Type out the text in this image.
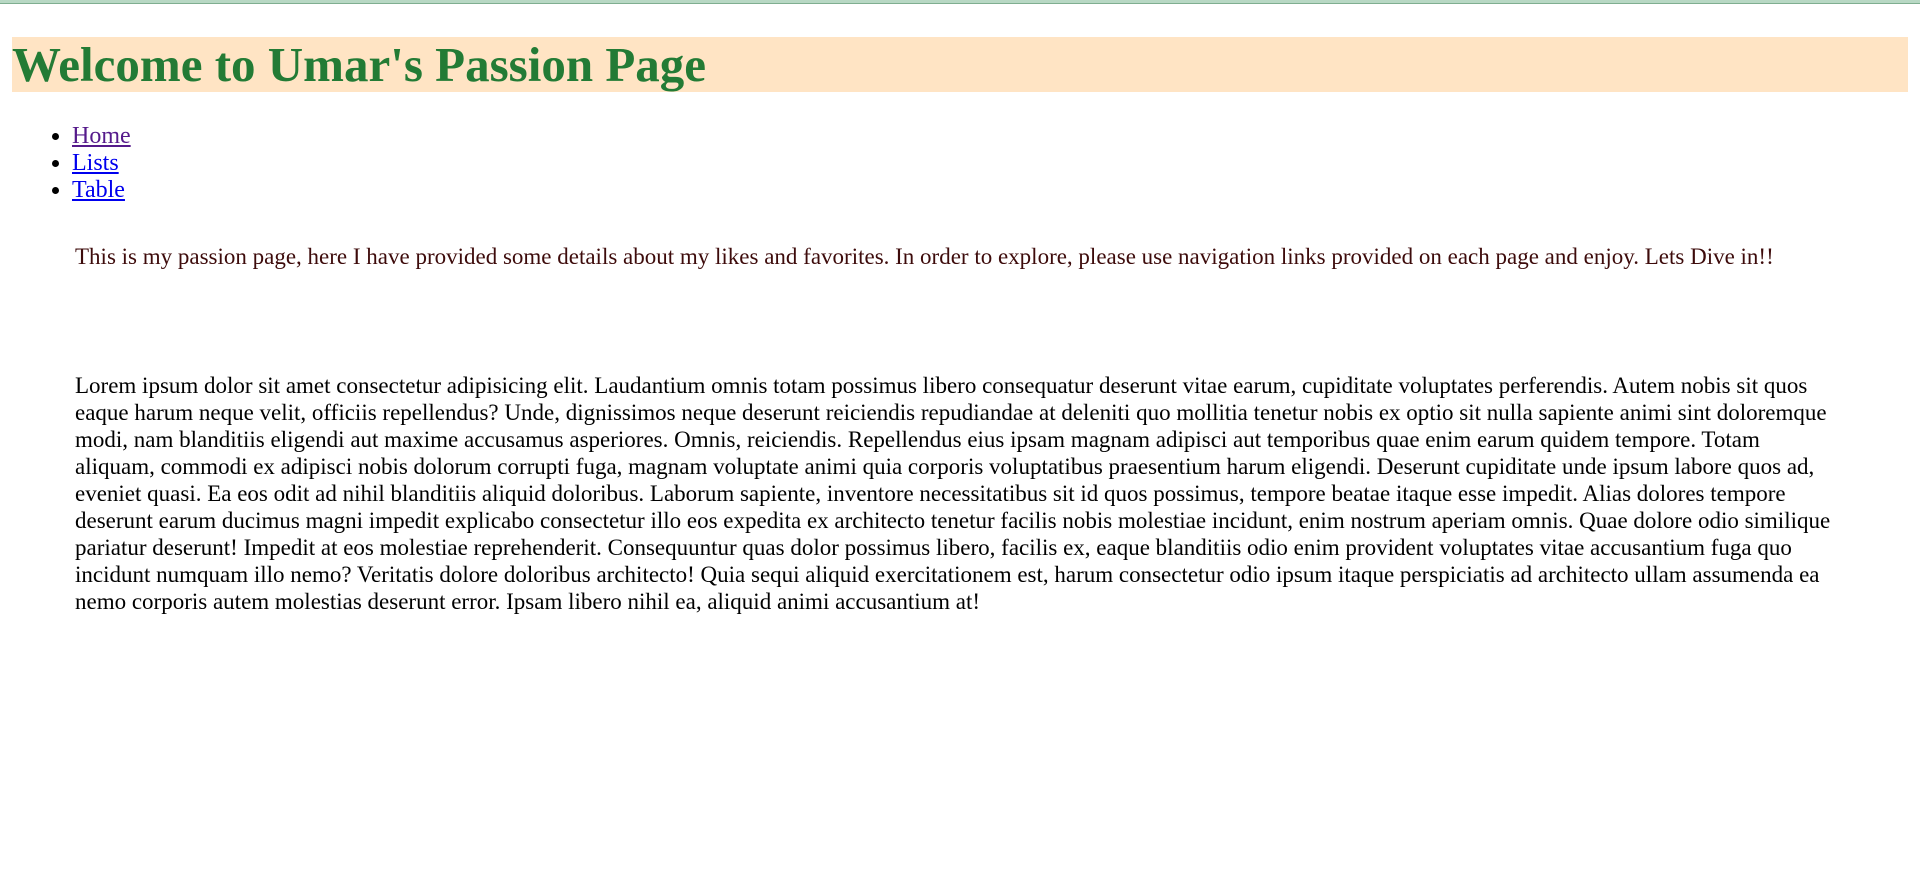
Welcome to Umar's Passion Page
• Home
• Lists
• Table

This is my passion page, here I have provided some details about my likes and favorites. In order to explore, please use navigation links provided on each page and enjoy. Lets Dive in!!

Lorem ipsum dolor sit amet consectetur adipisicing elit. Laudantium omnis totam possimus libero consequatur deserunt vitae earum, cupiditate voluptates perferendis. Autem nobis sit quos eaque harum neque velit, officiis repellendus? Unde, dignissimos neque deserunt reiciendis repudiandae at deleniti quo mollitia tenetur nobis ex optio sit nulla sapiente animi sint doloremque modi, nam blanditiis eligendi aut maxime accusamus asperiores. Omnis, reiciendis. Repellendus eius ipsam magnam adipisci aut temporibus quae enim earum quidem tempore. Totam aliquam, commodi ex adipisci nobis dolorum corrupti fuga, magnam voluptate animi quia corporis voluptatibus praesentium harum eligendi. Deserunt cupiditate unde ipsum labore quos ad, eveniet quasi. Ea eos odit ad nihil blanditiis aliquid doloribus. Laborum sapiente, inventore necessitatibus sit id quos possimus, tempore beatae itaque esse impedit. Alias dolores tempore deserunt earum ducimus magni impedit explicabo consectetur illo eos expedita ex architecto tenetur facilis nobis molestiae incidunt, enim nostrum aperiam omnis. Quae dolore odio similique pariatur deserunt! Impedit at eos molestiae reprehenderit. Consequuntur quas dolor possimus libero, facilis ex, eaque blanditiis odio enim provident voluptates vitae accusantium fuga quo incidunt numquam illo nemo? Veritatis dolore doloribus architecto! Quia sequi aliquid exercitationem est, harum consectetur odio ipsum itaque perspiciatis ad architecto ullam assumenda ea nemo corporis autem molestias deserunt error. Ipsam libero nihil ea, aliquid animi accusantium at!
